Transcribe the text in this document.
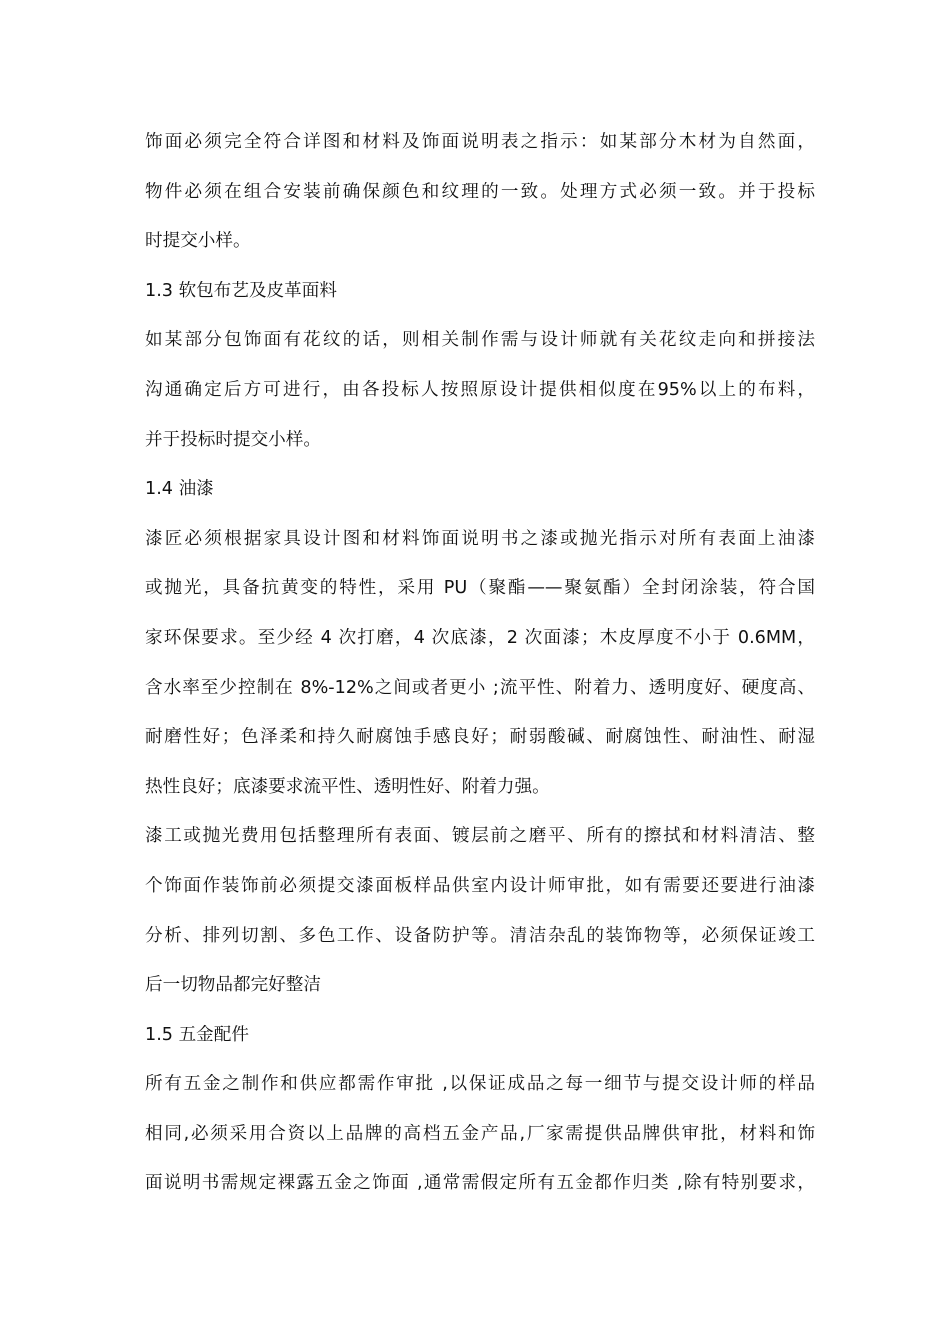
饰面必须完全符合详图和材料及饰面说明表之指示：如某部分木材为自然面，
物件必须在组合安装前确保颜色和纹理的一致。处理方式必须一致。并于投标
时提交小样。
1.3 软包布艺及皮革面料
如某部分包饰面有花纹的话，则相关制作需与设计师就有关花纹走向和拼接法
沟通确定后方可进行，由各投标人按照原设计提供相似度在95%以上的布料，
并于投标时提交小样。
1.4 油漆
漆匠必须根据家具设计图和材料饰面说明书之漆或抛光指示对所有表面上油漆
或抛光，具备抗黄变的特性，采用 PU（聚酯——聚氨酯）全封闭涂装，符合国
家环保要求。至少经 4 次打磨，4 次底漆，2 次面漆；木皮厚度不小于 0.6MM，
含水率至少控制在 8%-12%之间或者更小 ;流平性、附着力、透明度好、硬度高、
耐磨性好；色泽柔和持久耐腐蚀手感良好；耐弱酸碱、耐腐蚀性、耐油性、耐湿
热性良好；底漆要求流平性、透明性好、附着力强。
漆工或抛光费用包括整理所有表面、镀层前之磨平、所有的擦拭和材料清洁、整
个饰面作装饰前必须提交漆面板样品供室内设计师审批，如有需要还要进行油漆
分析、排列切割、多色工作、设备防护等。清洁杂乱的装饰物等，必须保证竣工
后一切物品都完好整洁
1.5 五金配件
所有五金之制作和供应都需作审批 ,以保证成品之每一细节与提交设计师的样品
相同,必须采用合资以上品牌的高档五金产品,厂家需提供品牌供审批，材料和饰
面说明书需规定裸露五金之饰面 ,通常需假定所有五金都作归类 ,除有特别要求，
